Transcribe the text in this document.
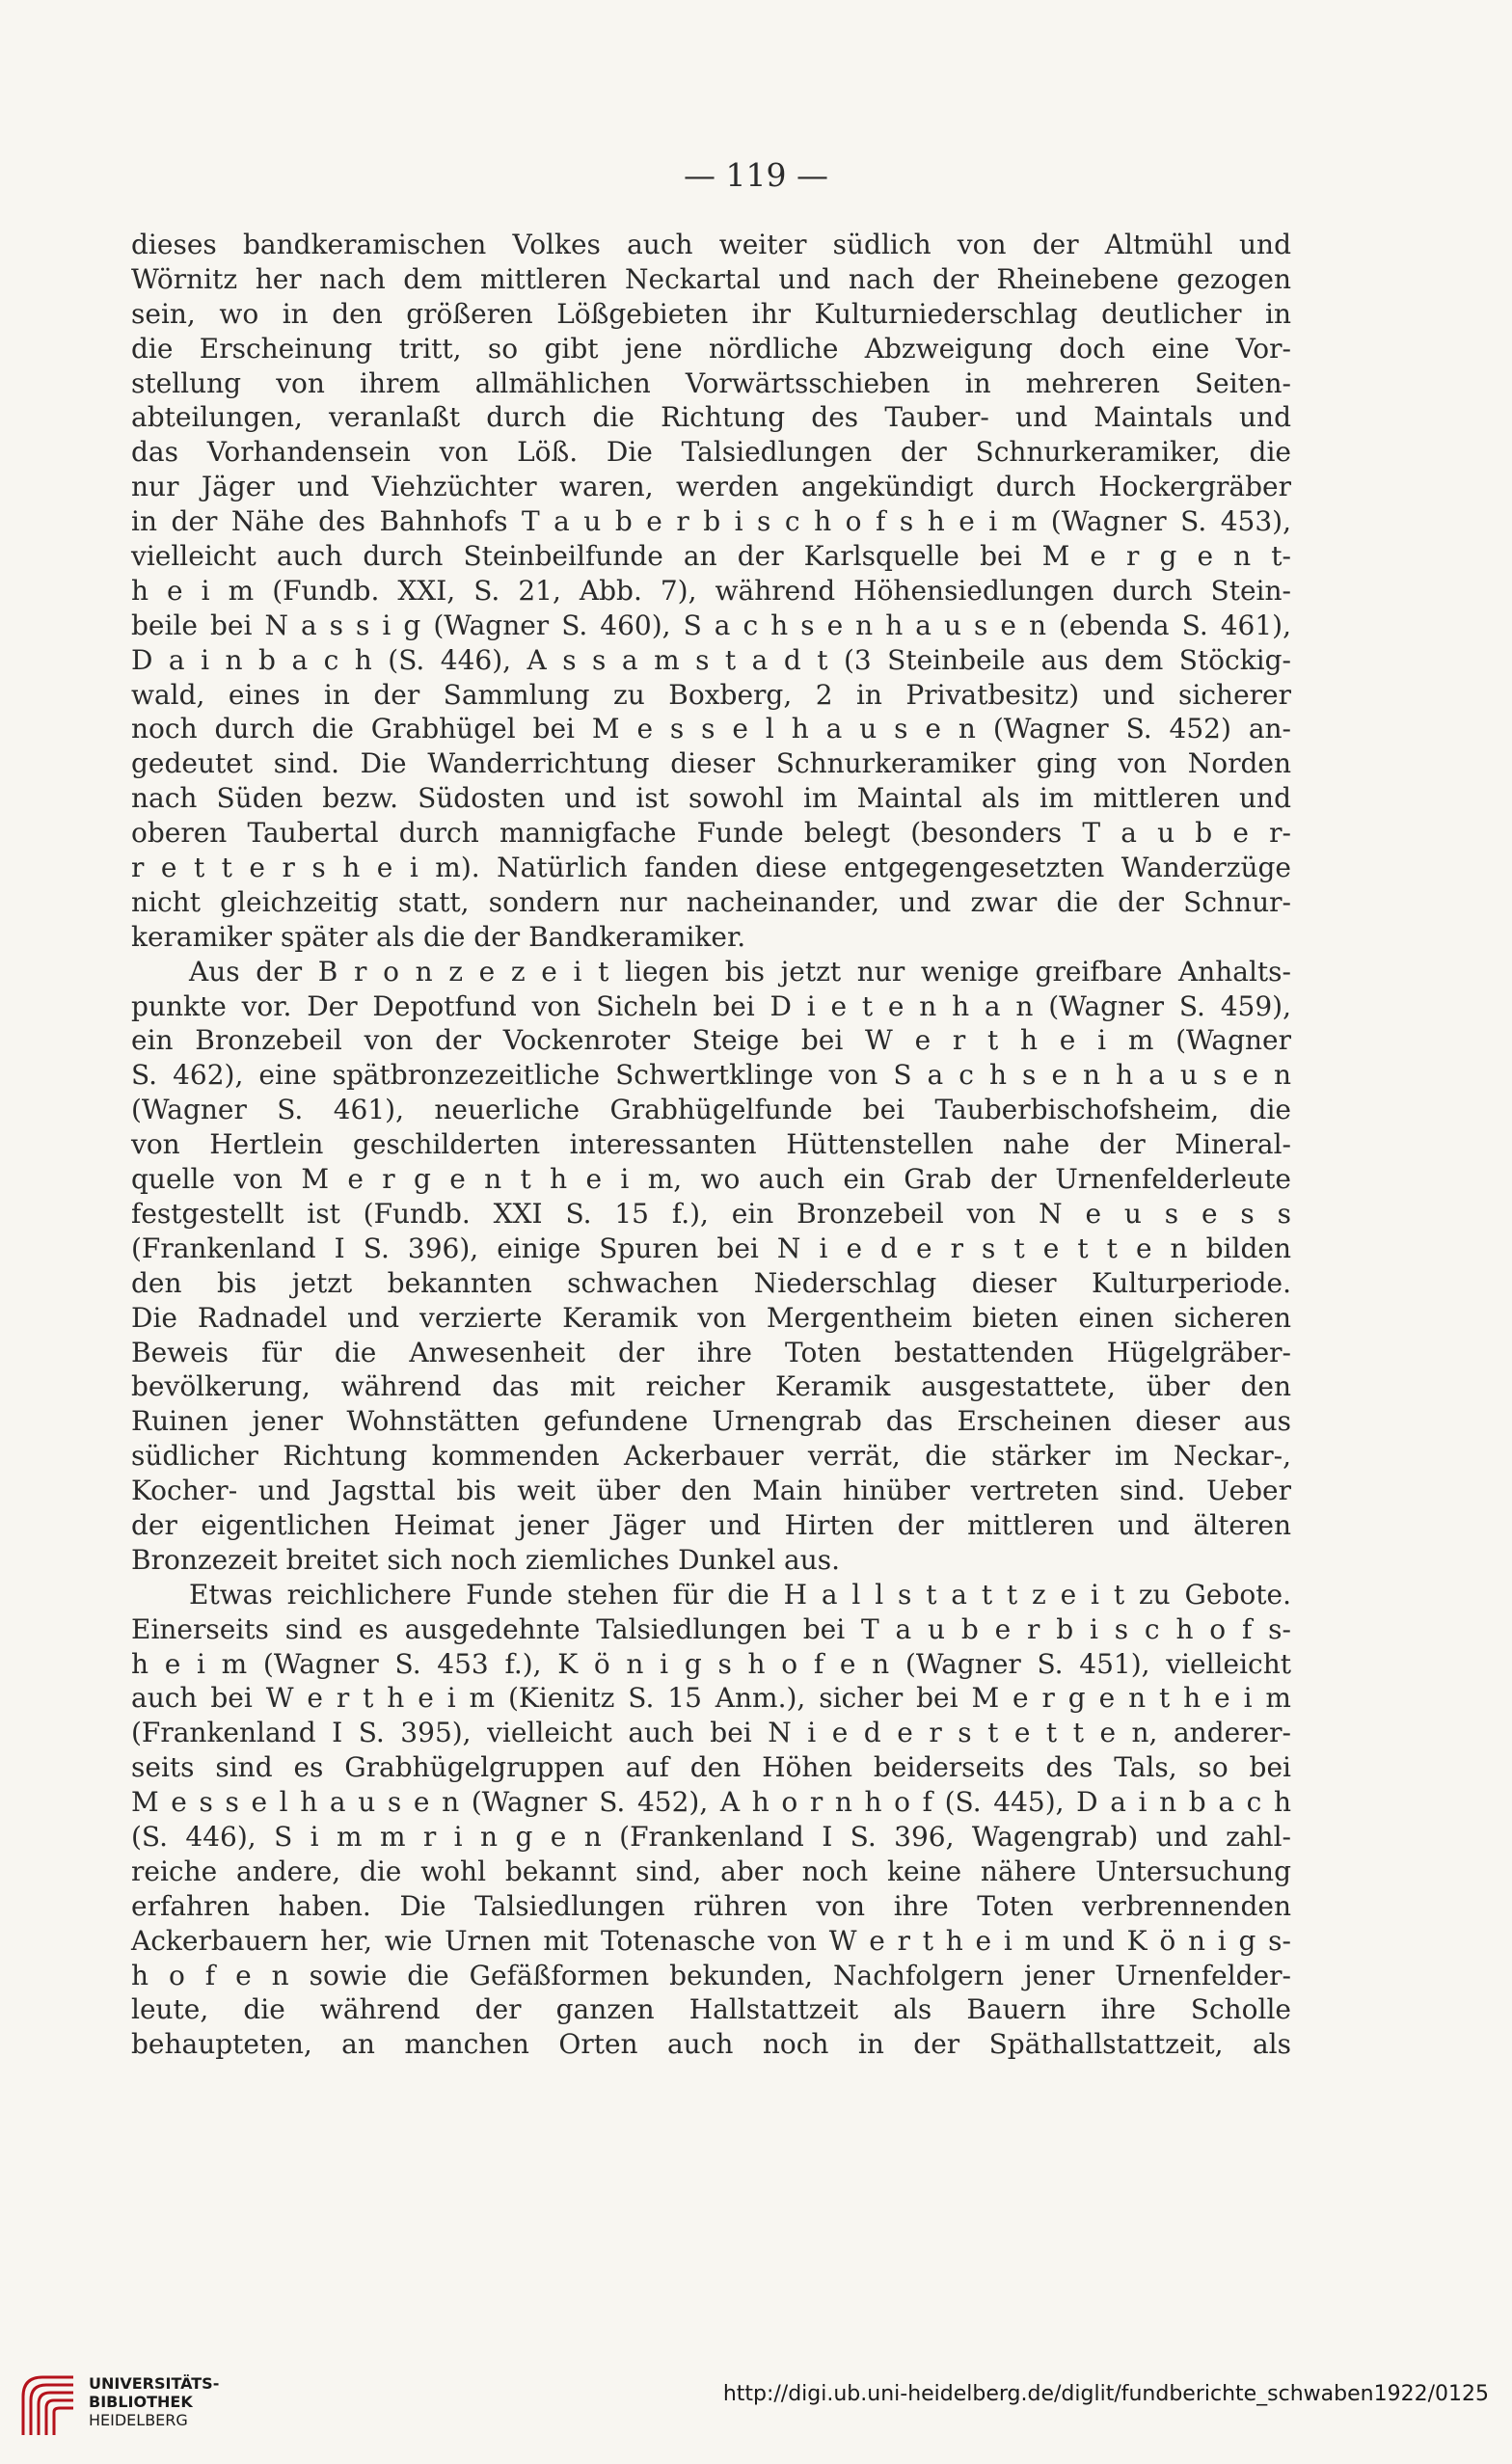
— 119 —
dieses bandkeramischen Volkes auch weiter südlich von der Altmühl und
Wörnitz her nach dem mittleren Neckartal und nach der Rheinebene gezogen
sein, wo in den größeren Lößgebieten ihr Kulturniederschlag deutlicher in
die Erscheinung tritt, so gibt jene nördliche Abzweigung doch eine Vor-
stellung von ihrem allmählichen Vorwärtsschieben in mehreren Seiten-
abteilungen, veranlaßt durch die Richtung des Tauber- und Maintals und
das Vorhandensein von Löß. Die Talsiedlungen der Schnurkeramiker, die
nur Jäger und Viehzüchter waren, werden angekündigt durch Hockergräber
in der Nähe des Bahnhofs T a u b e r b i s c h o f s h e i m (Wagner S. 453),
vielleicht auch durch Steinbeilfunde an der Karlsquelle bei M e r g e n t-
h e i m (Fundb. XXI, S. 21, Abb. 7), während Höhensiedlungen durch Stein-
beile bei N a s s i g (Wagner S. 460), S a c h s e n h a u s e n (ebenda S. 461),
D a i n b a c h (S. 446), A s s a m s t a d t (3 Steinbeile aus dem Stöckig-
wald, eines in der Sammlung zu Boxberg, 2 in Privatbesitz) und sicherer
noch durch die Grabhügel bei M e s s e l h a u s e n (Wagner S. 452) an-
gedeutet sind. Die Wanderrichtung dieser Schnurkeramiker ging von Norden
nach Süden bezw. Südosten und ist sowohl im Maintal als im mittleren und
oberen Taubertal durch mannigfache Funde belegt (besonders T a u b e r-
r e t t e r s h e i m). Natürlich fanden diese entgegengesetzten Wanderzüge
nicht gleichzeitig statt, sondern nur nacheinander, und zwar die der Schnur-
keramiker später als die der Bandkeramiker.
Aus der B r o n z e z e i t liegen bis jetzt nur wenige greifbare Anhalts-
punkte vor. Der Depotfund von Sicheln bei D i e t e n h a n (Wagner S. 459),
ein Bronzebeil von der Vockenroter Steige bei W e r t h e i m (Wagner
S. 462), eine spätbronzezeitliche Schwertklinge von S a c h s e n h a u s e n
(Wagner S. 461), neuerliche Grabhügelfunde bei Tauberbischofsheim, die
von Hertlein geschilderten interessanten Hüttenstellen nahe der Mineral-
quelle von M e r g e n t h e i m, wo auch ein Grab der Urnenfelderleute
festgestellt ist (Fundb. XXI S. 15 f.), ein Bronzebeil von N e u s e s s
(Frankenland I S. 396), einige Spuren bei N i e d e r s t e t t e n bilden
den bis jetzt bekannten schwachen Niederschlag dieser Kulturperiode.
Die Radnadel und verzierte Keramik von Mergentheim bieten einen sicheren
Beweis für die Anwesenheit der ihre Toten bestattenden Hügelgräber-
bevölkerung, während das mit reicher Keramik ausgestattete, über den
Ruinen jener Wohnstätten gefundene Urnengrab das Erscheinen dieser aus
südlicher Richtung kommenden Ackerbauer verrät, die stärker im Neckar-,
Kocher- und Jagsttal bis weit über den Main hinüber vertreten sind. Ueber
der eigentlichen Heimat jener Jäger und Hirten der mittleren und älteren
Bronzezeit breitet sich noch ziemliches Dunkel aus.
Etwas reichlichere Funde stehen für die H a l l s t a t t z e i t zu Gebote.
Einerseits sind es ausgedehnte Talsiedlungen bei T a u b e r b i s c h o f s-
h e i m (Wagner S. 453 f.), K ö n i g s h o f e n (Wagner S. 451), vielleicht
auch bei W e r t h e i m (Kienitz S. 15 Anm.), sicher bei M e r g e n t h e i m
(Frankenland I S. 395), vielleicht auch bei N i e d e r s t e t t e n, anderer-
seits sind es Grabhügelgruppen auf den Höhen beiderseits des Tals, so bei
M e s s e l h a u s e n (Wagner S. 452), A h o r n h o f (S. 445), D a i n b a c h
(S. 446), S i m m r i n g e n (Frankenland I S. 396, Wagengrab) und zahl-
reiche andere, die wohl bekannt sind, aber noch keine nähere Untersuchung
erfahren haben. Die Talsiedlungen rühren von ihre Toten verbrennenden
Ackerbauern her, wie Urnen mit Totenasche von W e r t h e i m und K ö n i g s-
h o f e n sowie die Gefäßformen bekunden, Nachfolgern jener Urnenfelder-
leute, die während der ganzen Hallstattzeit als Bauern ihre Scholle
behaupteten, an manchen Orten auch noch in der Späthallstattzeit, als
UNIVERSITÄTS-
BIBLIOTHEK
HEIDELBERG
http://digi.ub.uni-heidelberg.de/diglit/fundberichte_schwaben1922/0125
